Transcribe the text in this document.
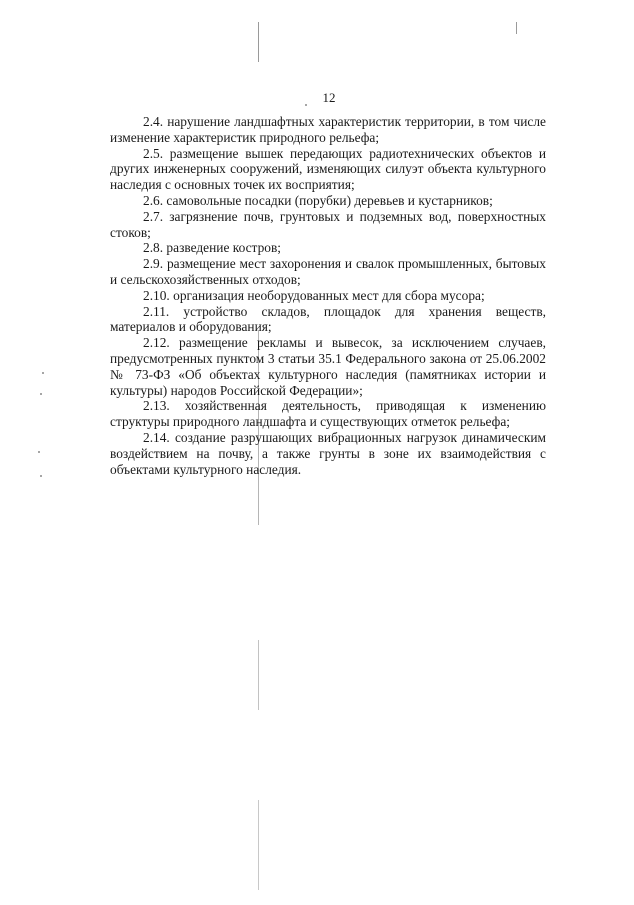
12

2.4. нарушение ландшафтных характеристик территории, в том числе изменение характеристик природного рельефа;

2.5. размещение вышек передающих радиотехнических объектов и других инженерных сооружений, изменяющих силуэт объекта культурного наследия с основных точек их восприятия;

2.6. самовольные посадки (порубки) деревьев и кустарников;

2.7. загрязнение почв, грунтовых и подземных вод, поверхностных стоков;

2.8. разведение костров;

2.9. размещение мест захоронения и свалок промышленных, бытовых и сельскохозяйственных отходов;

2.10. организация необорудованных мест для сбора мусора;

2.11. устройство складов, площадок для хранения веществ, материалов и оборудования;

2.12. размещение рекламы и вывесок, за исключением случаев, предусмотренных пунктом 3 статьи 35.1 Федерального закона от 25.06.2002 № 73-ФЗ «Об объектах культурного наследия (памятниках истории и культуры) народов Российской Федерации»;

2.13. хозяйственная деятельность, приводящая к изменению структуры природного ландшафта и существующих отметок рельефа;

2.14. создание разрушающих вибрационных нагрузок динамическим воздействием на почву, а также грунты в зоне их взаимодействия с объектами культурного наследия.
